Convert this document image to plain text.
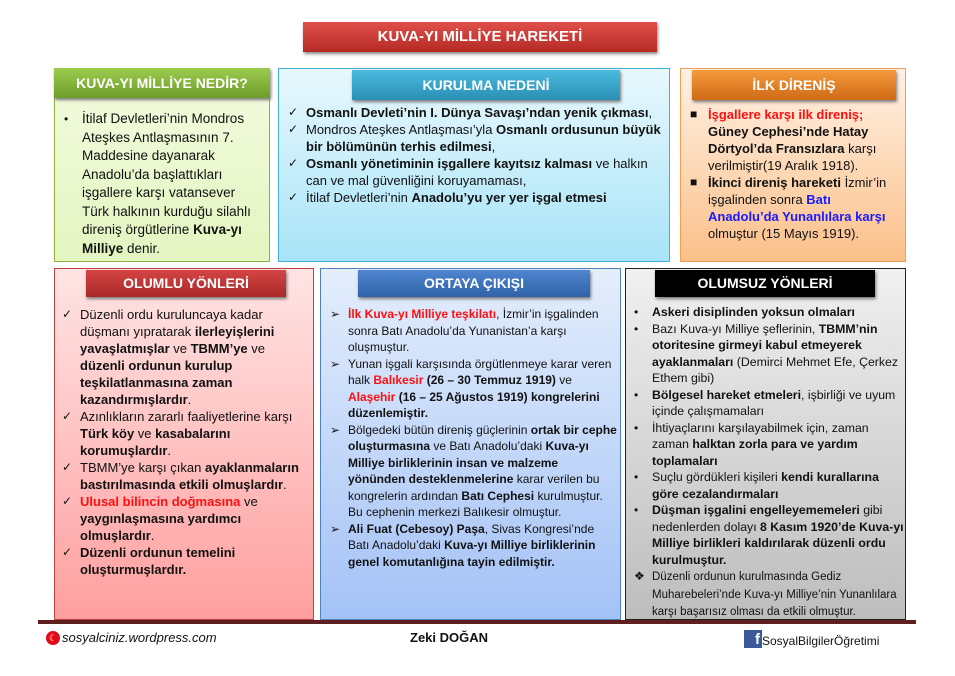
KUVA-YI MİLLİYE HAREKETİ
KUVA-YI MİLLİYE NEDİR?
• İtilaf Devletleri’nin Mondros Ateşkes Antlaşmasının 7. Maddesine dayanarak Anadolu’da başlattıkları işgallere karşı vatansever Türk halkının kurduğu silahlı direniş örgütlerine Kuva-yı Milliye denir.
KURULMA NEDENİ
✓ Osmanlı Devleti’nin I. Dünya Savaşı’ndan yenik çıkması,
✓ Mondros Ateşkes Antlaşması’yla Osmanlı ordusunun büyük bir bölümünün terhis edilmesi,
✓ Osmanlı yönetiminin işgallere kayıtsız kalması ve halkın can ve mal güvenliğini koruyamaması,
✓ İtilaf Devletleri’nin Anadolu’yu yer yer işgal etmesi
İLK DİRENİŞ
■ İşgallere karşı ilk direniş; Güney Cephesi’nde Hatay Dörtyol’da Fransızlara karşı verilmiştir(19 Aralık 1918).
■ İkinci direniş hareketi İzmir’in işgalinden sonra Batı Anadolu’da Yunanlılara karşı olmuştur (15 Mayıs 1919).
OLUMLU YÖNLERİ
✓ Düzenli ordu kuruluncaya kadar düşmanı yıpratarak ilerleyişlerini yavaşlatmışlar ve TBMM’ye ve düzenli ordunun kurulup teşkilatlanmasına zaman kazandırmışlardır.
✓ Azınlıkların zararlı faaliyetlerine karşı Türk köy ve kasabalarını korumuşlardır.
✓ TBMM’ye karşı çıkan ayaklanmaların bastırılmasında etkili olmuşlardır.
✓ Ulusal bilincin doğmasına ve yaygınlaşmasına yardımcı olmuşlardır.
✓ Düzenli ordunun temelini oluşturmuşlardır.
ORTAYA ÇIKIŞI
➢ İlk Kuva-yı Milliye teşkilatı, İzmir’in işgalinden sonra Batı Anadolu’da Yunanistan’a karşı oluşmuştur.
➢ Yunan işgali karşısında örgütlenmeye karar veren halk Balıkesir (26 – 30 Temmuz 1919) ve Alaşehir (16 – 25 Ağustos 1919) kongrelerini düzenlemiştir.
➢ Bölgedeki bütün direniş güçlerinin ortak bir cephe oluşturmasına ve Batı Anadolu’daki Kuva-yı Milliye birliklerinin insan ve malzeme yönünden desteklenmelerine karar verilen bu kongrelerin ardından Batı Cephesi kurulmuştur. Bu cephenin merkezi Balıkesir olmuştur.
➢ Ali Fuat (Cebesoy) Paşa, Sivas Kongresi’nde Batı Anadolu’daki Kuva-yı Milliye birliklerinin genel komutanlığına tayin edilmiştir.
OLUMSUZ YÖNLERİ
• Askeri disiplinden yoksun olmaları
• Bazı Kuva-yı Milliye şeflerinin, TBMM’nin otoritesine girmeyi kabul etmeyerek ayaklanmaları (Demirci Mehmet Efe, Çerkez Ethem gibi)
• Bölgesel hareket etmeleri, işbirliği ve uyum içinde çalışmamaları
• İhtiyaçlarını karşılayabilmek için, zaman zaman halktan zorla para ve yardım toplamaları
• Suçlu gördükleri kişileri kendi kurallarına göre cezalandırmaları
• Düşman işgalini engelleyememeleri gibi nedenlerden dolayı 8 Kasım 1920’de Kuva-yı Milliye birlikleri kaldırılarak düzenli ordu kurulmuştur.
❖ Düzenli ordunun kurulmasında Gediz Muharebeleri’nde Kuva-yı Milliye’nin Yunanlılara karşı başarısız olması da etkili olmuştur.
☾ sosyalciniz.wordpress.com	Zeki DOĞAN	f SosyalBilgilerÖğretimi
